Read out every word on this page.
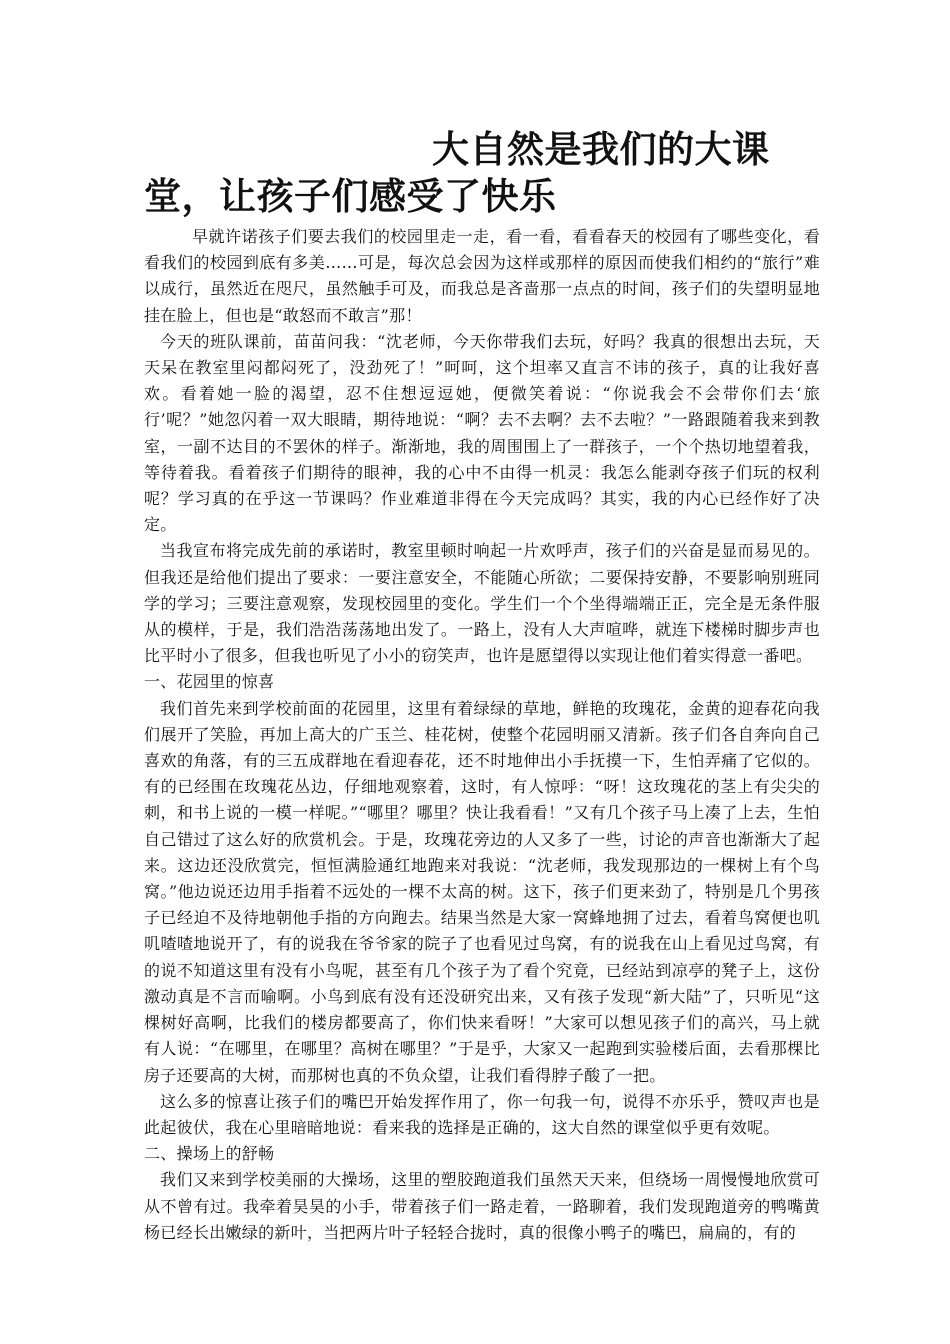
大自然是我们的大课堂，让孩子们感受了快乐

早就许诺孩子们要去我们的校园里走一走，看一看，看看春天的校园有了哪些变化，看看我们的校园到底有多美……可是，每次总会因为这样或那样的原因而使我们相约的“旅行”难以成行，虽然近在咫尺，虽然触手可及，而我总是吝啬那一点点的时间，孩子们的失望明显地挂在脸上，但也是“敢怒而不敢言”那！

今天的班队课前，苗苗问我：“沈老师，今天你带我们去玩，好吗？我真的很想出去玩，天天呆在教室里闷都闷死了，没劲死了！”呵呵，这个坦率又直言不讳的孩子，真的让我好喜欢。看着她一脸的渴望，忍不住想逗逗她，便微笑着说：“你说我会不会带你们去‘旅行’呢？”她忽闪着一双大眼睛，期待地说：“啊？去不去啊？去不去啦？”一路跟随着我来到教室，一副不达目的不罢休的样子。渐渐地，我的周围围上了一群孩子，一个个热切地望着我，等待着我。看着孩子们期待的眼神，我的心中不由得一机灵：我怎么能剥夺孩子们玩的权利呢？学习真的在乎这一节课吗？作业难道非得在今天完成吗？其实，我的内心已经作好了决定。

当我宣布将完成先前的承诺时，教室里顿时响起一片欢呼声，孩子们的兴奋是显而易见的。但我还是给他们提出了要求：一要注意安全，不能随心所欲；二要保持安静，不要影响别班同学的学习；三要注意观察，发现校园里的变化。学生们一个个坐得端端正正，完全是无条件服从的模样，于是，我们浩浩荡荡地出发了。一路上，没有人大声喧哗，就连下楼梯时脚步声也比平时小了很多，但我也听见了小小的窃笑声，也许是愿望得以实现让他们着实得意一番吧。

一、花园里的惊喜

我们首先来到学校前面的花园里，这里有着绿绿的草地，鲜艳的玫瑰花，金黄的迎春花向我们展开了笑脸，再加上高大的广玉兰、桂花树，使整个花园明丽又清新。孩子们各自奔向自己喜欢的角落，有的三五成群地在看迎春花，还不时地伸出小手抚摸一下，生怕弄痛了它似的。有的已经围在玫瑰花丛边，仔细地观察着，这时，有人惊呼：“呀！这玫瑰花的茎上有尖尖的刺，和书上说的一模一样呢。”“哪里？哪里？快让我看看！”又有几个孩子马上凑了上去，生怕自己错过了这么好的欣赏机会。于是，玫瑰花旁边的人又多了一些，讨论的声音也渐渐大了起来。这边还没欣赏完，恒恒满脸通红地跑来对我说：“沈老师，我发现那边的一棵树上有个鸟窝。”他边说还边用手指着不远处的一棵不太高的树。这下，孩子们更来劲了，特别是几个男孩子已经迫不及待地朝他手指的方向跑去。结果当然是大家一窝蜂地拥了过去，看着鸟窝便也叽叽喳喳地说开了，有的说我在爷爷家的院子了也看见过鸟窝，有的说我在山上看见过鸟窝，有的说不知道这里有没有小鸟呢，甚至有几个孩子为了看个究竟，已经站到凉亭的凳子上，这份激动真是不言而喻啊。小鸟到底有没有还没研究出来，又有孩子发现“新大陆”了，只听见“这棵树好高啊，比我们的楼房都要高了，你们快来看呀！”大家可以想见孩子们的高兴，马上就有人说：“在哪里，在哪里？高树在哪里？”于是乎，大家又一起跑到实验楼后面，去看那棵比房子还要高的大树，而那树也真的不负众望，让我们看得脖子酸了一把。

这么多的惊喜让孩子们的嘴巴开始发挥作用了，你一句我一句，说得不亦乐乎，赞叹声也是此起彼伏，我在心里暗暗地说：看来我的选择是正确的，这大自然的课堂似乎更有效呢。

二、操场上的舒畅

我们又来到学校美丽的大操场，这里的塑胶跑道我们虽然天天来，但绕场一周慢慢地欣赏可从不曾有过。我牵着昊昊的小手，带着孩子们一路走着，一路聊着，我们发现跑道旁的鸭嘴黄杨已经长出嫩绿的新叶，当把两片叶子轻轻合拢时，真的很像小鸭子的嘴巴，扁扁的，有的
